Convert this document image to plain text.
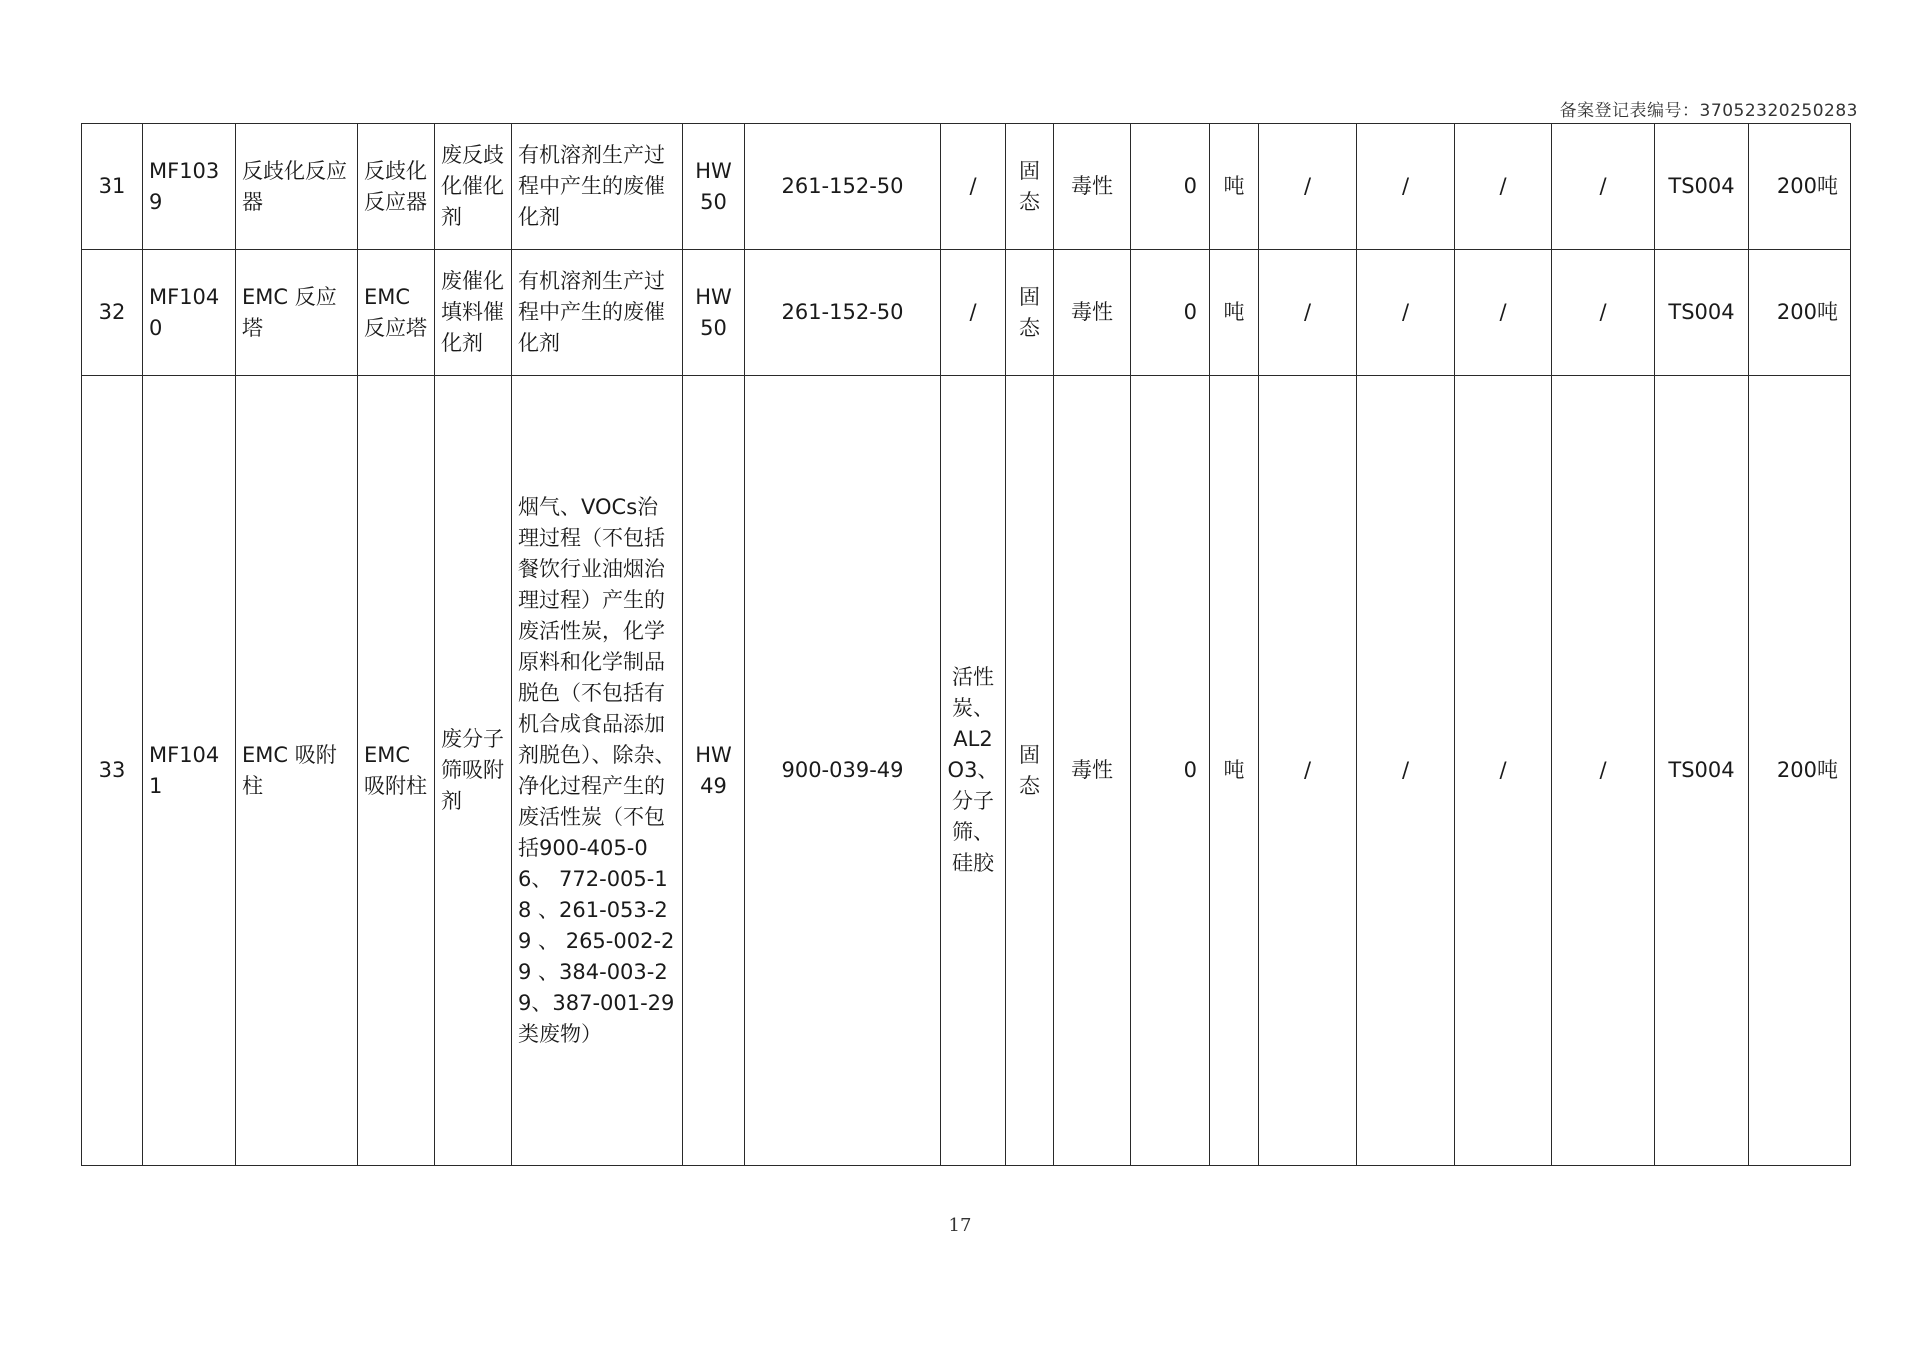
备案登记表编号：37052320250283
31	MF1039	反歧化反应器	反歧化反应器	废反歧化催化剂	有机溶剂生产过程中产生的废催化剂	HW50	261-152-50	/	固态	毒性	0	吨	/	/	/	/	TS004	200吨
32	MF1040	EMC 反应塔	EMC反应塔	废催化填料催化剂	有机溶剂生产过程中产生的废催化剂	HW50	261-152-50	/	固态	毒性	0	吨	/	/	/	/	TS004	200吨
33	MF1041	EMC 吸附柱	EMC吸附柱	废分子筛吸附剂	烟气、VOCs治理过程（不包括餐饮行业油烟治理过程）产生的废活性炭，化学原料和化学制品脱色（不包括有机合成食品添加剂脱色）、除杂、净化过程产生的废活性炭（不包括900-405-06、 772-005-18 、261-053-29 、 265-002-29 、384-003-29、387-001-29 类废物）	HW49	900-039-49	活性炭、AL2O3、分子筛、硅胶	固态	毒性	0	吨	/	/	/	/	TS004	200吨
17
